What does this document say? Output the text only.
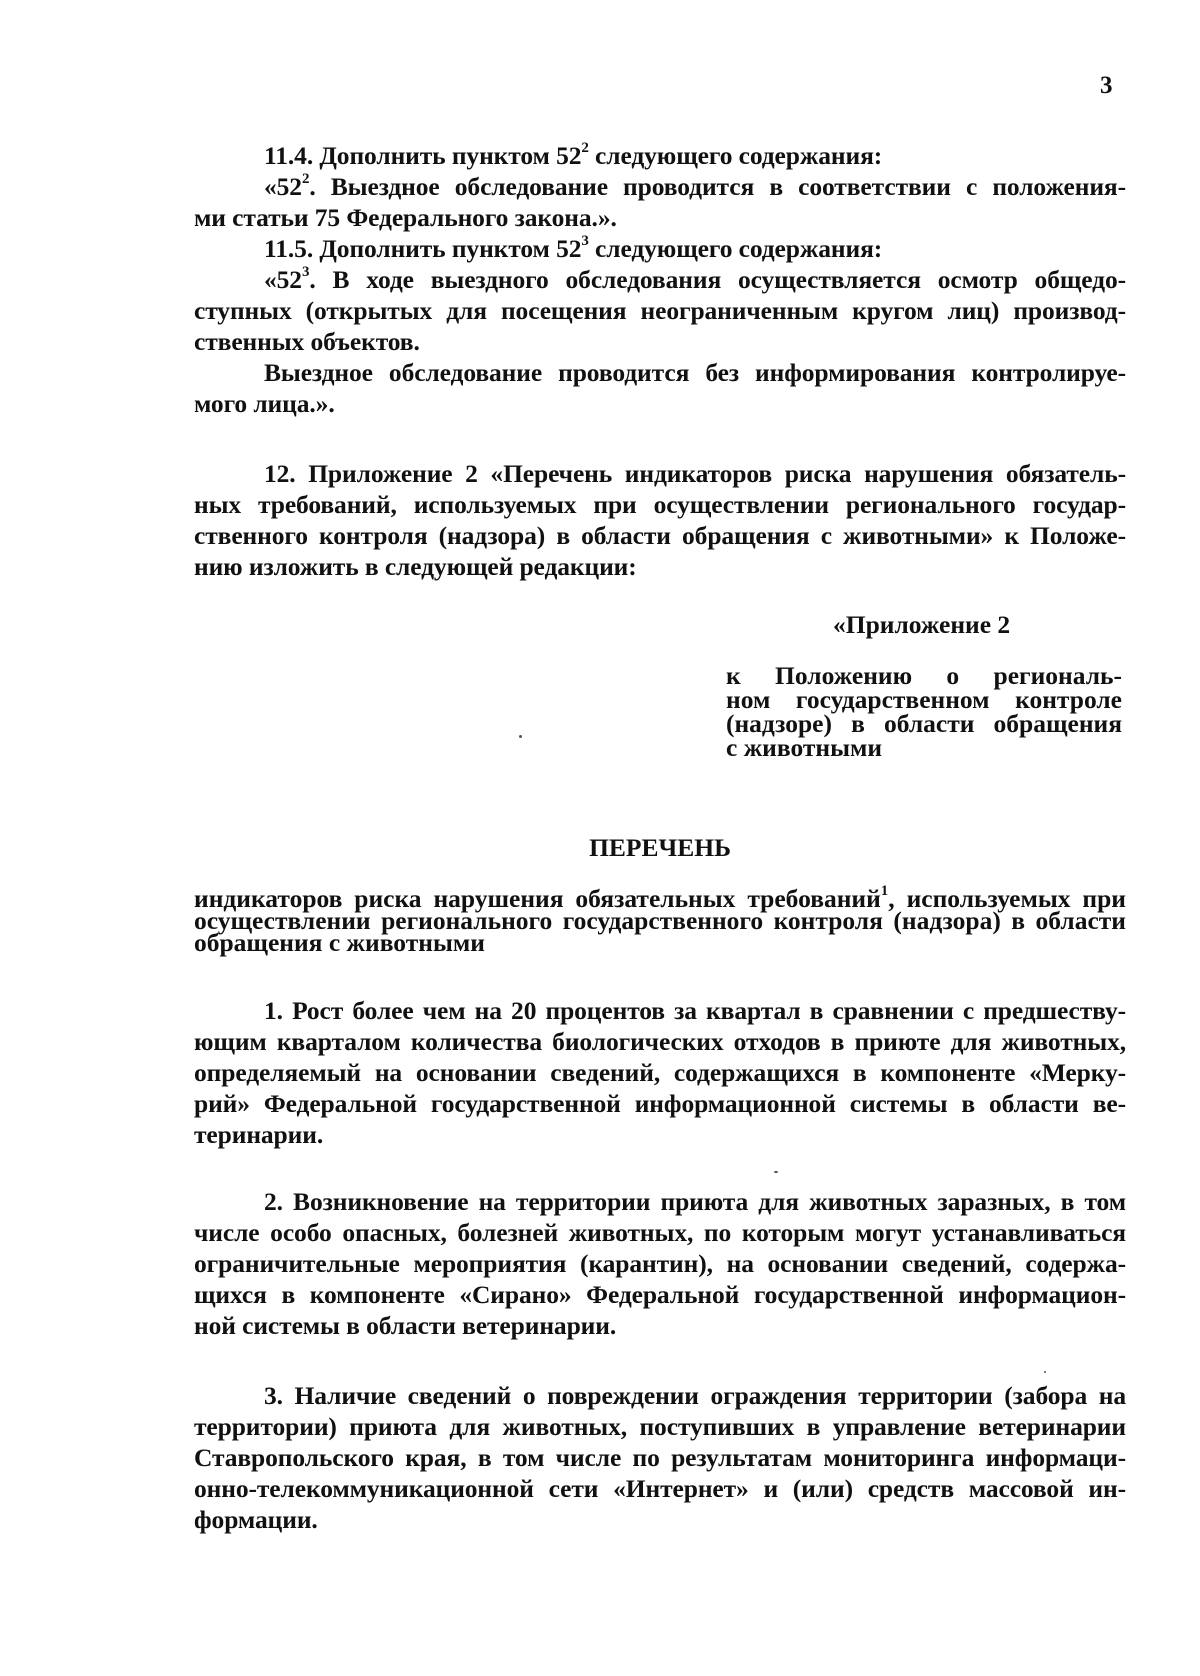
3
11.4. Дополнить пунктом $52^2$ следующего содержания:
«$52^2$. Выездное обследование проводится в соответствии с положения-
ми статьи 75 Федерального закона.».
11.5. Дополнить пунктом $52^3$ следующего содержания:
«$52^3$. В ходе выездного обследования осуществляется осмотр общедо-
ступных (открытых для посещения неограниченным кругом лиц) производ-
ственных объектов.
Выездное обследование проводится без информирования контролируе-
мого лица.».
12. Приложение 2 «Перечень индикаторов риска нарушения обязатель-
ных требований, используемых при осуществлении регионального государ-
ственного контроля (надзора) в области обращения с животными» к Положе-
нию изложить в следующей редакции:
«Приложение 2
к Положению о региональ-
ном государственном контроле
(надзоре) в области обращения
с животными
ПЕРЕЧЕНЬ
индикаторов риска нарушения обязательных требований$^1$, используемых при
осуществлении регионального государственного контроля (надзора) в области
обращения с животными
1. Рост более чем на 20 процентов за квартал в сравнении с предшеству-
ющим кварталом количества биологических отходов в приюте для животных,
определяемый на основании сведений, содержащихся в компоненте «Мерку-
рий» Федеральной государственной информационной системы в области ве-
теринарии.
2. Возникновение на территории приюта для животных заразных, в том
числе особо опасных, болезней животных, по которым могут устанавливаться
ограничительные мероприятия (карантин), на основании сведений, содержа-
щихся в компоненте «Сирано» Федеральной государственной информацион-
ной системы в области ветеринарии.
3. Наличие сведений о повреждении ограждения территории (забора на
территории) приюта для животных, поступивших в управление ветеринарии
Ставропольского края, в том числе по результатам мониторинга информаци-
онно-телекоммуникационной сети «Интернет» и (или) средств массовой ин-
формации.
